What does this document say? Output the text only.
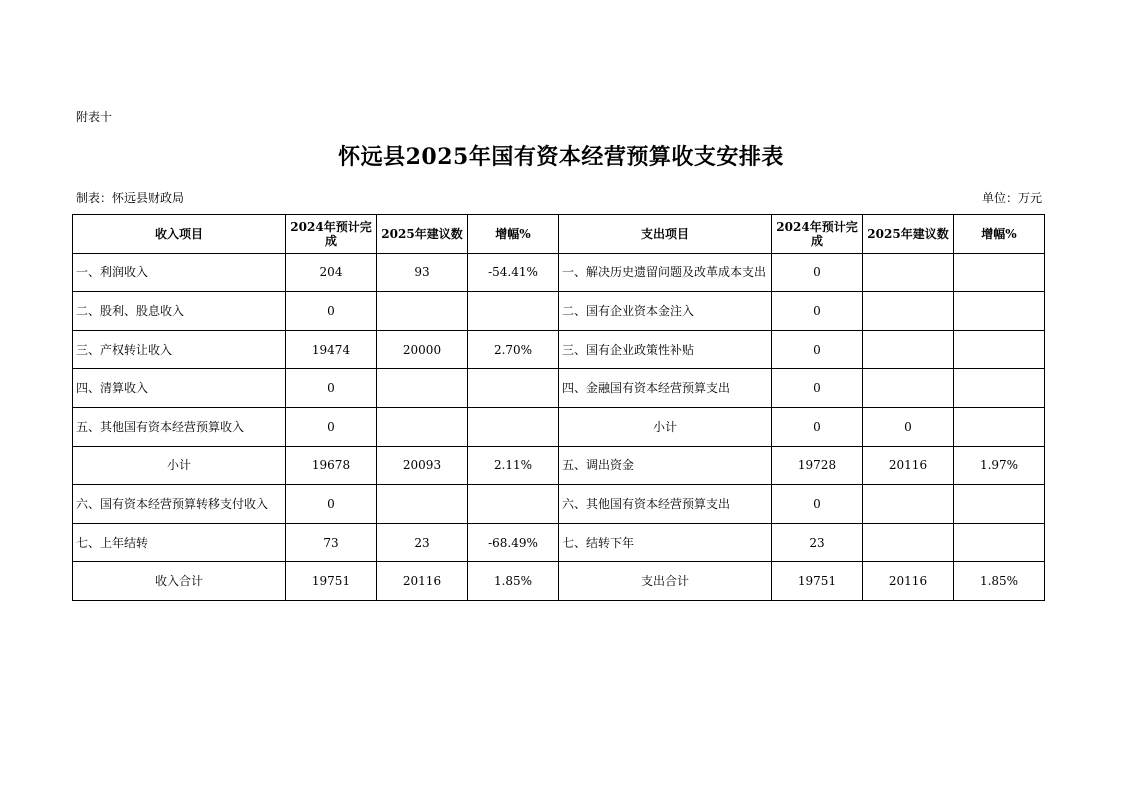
附表十
怀远县2025年国有资本经营预算收支安排表
制表：怀远县财政局	单位：万元
收入项目	2024年预计完成	2025年建议数	增幅%	支出项目	2024年预计完成	2025年建议数	增幅%
一、利润收入	204	93	-54.41%	一、解决历史遗留问题及改革成本支出	0		
二、股利、股息收入	0			二、国有企业资本金注入	0		
三、产权转让收入	19474	20000	2.70%	三、国有企业政策性补贴	0		
四、清算收入	0			四、金融国有资本经营预算支出	0		
五、其他国有资本经营预算收入	0			小计	0	0	
小计	19678	20093	2.11%	五、调出资金	19728	20116	1.97%
六、国有资本经营预算转移支付收入	0			六、其他国有资本经营预算支出	0		
七、上年结转	73	23	-68.49%	七、结转下年	23		
收入合计	19751	20116	1.85%	支出合计	19751	20116	1.85%
